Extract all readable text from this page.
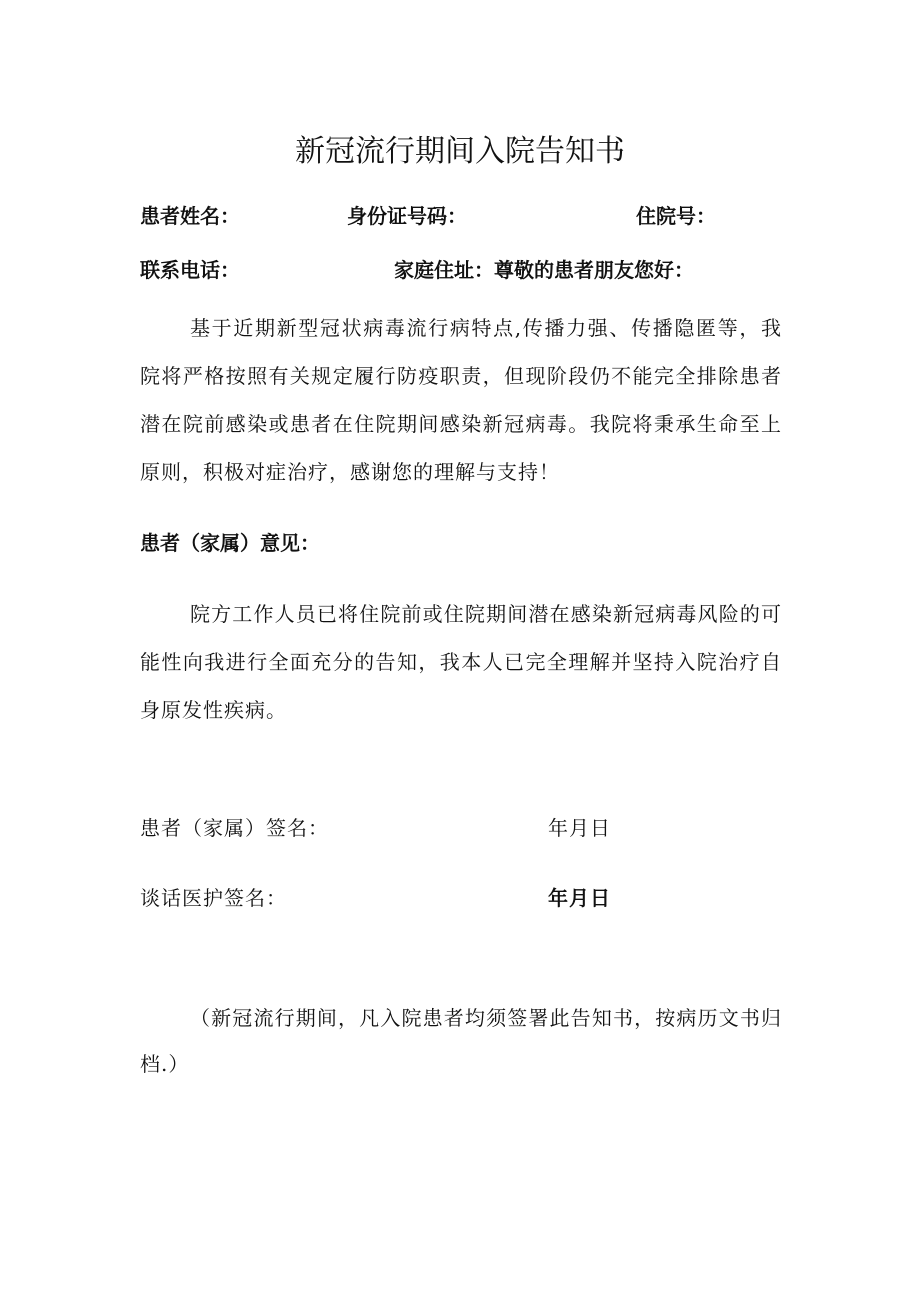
新冠流行期间入院告知书
患者姓名：	身份证号码：	住院号：
联系电话：	家庭住址：尊敬的患者朋友您好：
基于近期新型冠状病毒流行病特点,传播力强、传播隐匿等，我院将严格按照有关规定履行防疫职责，但现阶段仍不能完全排除患者潜在院前感染或患者在住院期间感染新冠病毒。我院将秉承生命至上原则，积极对症治疗，感谢您的理解与支持！
患者（家属）意见：
院方工作人员已将住院前或住院期间潜在感染新冠病毒风险的可能性向我进行全面充分的告知，我本人已完全理解并坚持入院治疗自身原发性疾病。
患者（家属）签名：	年月日
谈话医护签名：	年月日
（新冠流行期间，凡入院患者均须签署此告知书，按病历文书归档.）
